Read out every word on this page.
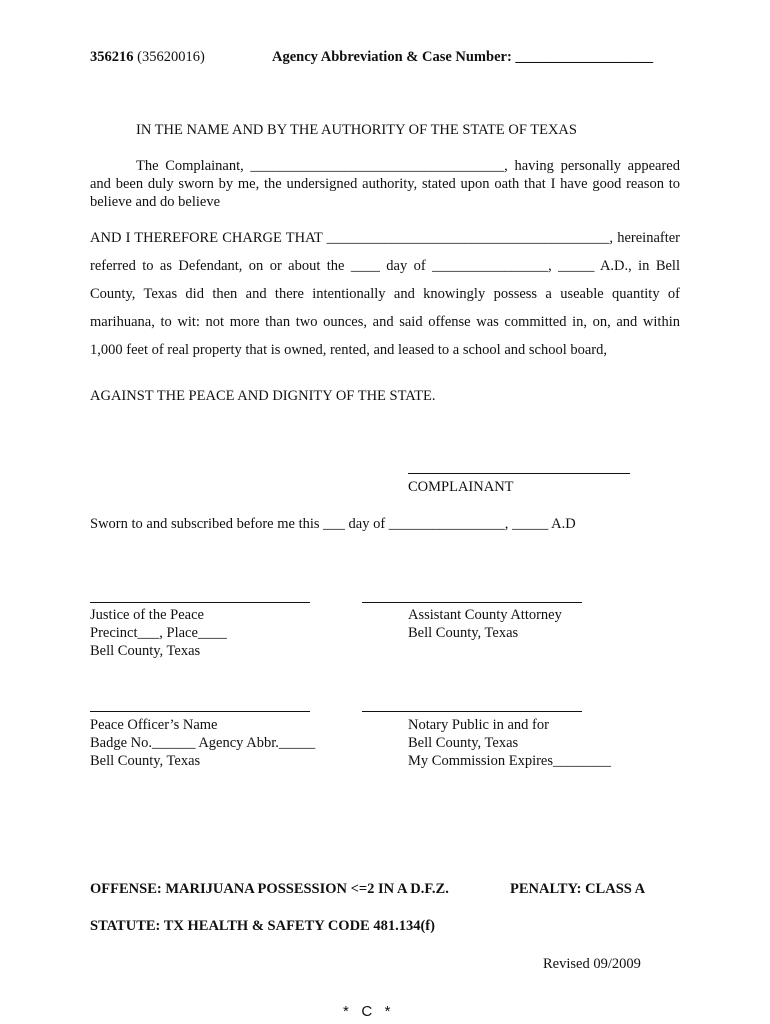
356216 (35620016)	Agency Abbreviation & Case Number: ___________________
IN THE NAME AND BY THE AUTHORITY OF THE STATE OF TEXAS
The Complainant, ___________________________________, having personally appeared
and been duly sworn by me, the undersigned authority, stated upon oath that I have good reason to
believe and do believe
AND I THEREFORE CHARGE THAT _______________________________________, hereinafter
referred to as Defendant, on or about the ____ day of ________________, _____ A.D., in Bell
County, Texas did then and there intentionally and knowingly possess a useable quantity of
marihuana, to wit: not more than two ounces, and said offense was committed in, on, and within
1,000 feet of real property that is owned, rented, and leased to a school and school board,
AGAINST THE PEACE AND DIGNITY OF THE STATE.
COMPLAINANT
Sworn to and subscribed before me this ___ day of ________________, _____ A.D
Justice of the Peace
Precinct___, Place____
Bell County, Texas
Assistant County Attorney
Bell County, Texas
Peace Officer’s Name
Badge No.______ Agency Abbr._____
Bell County, Texas
Notary Public in and for
Bell County, Texas
My Commission Expires________
OFFENSE: MARIJUANA POSSESSION <=2 IN A D.F.Z.	PENALTY: CLASS A
STATUTE: TX HEALTH & SAFETY CODE 481.134(f)
Revised 09/2009
*   C   *
